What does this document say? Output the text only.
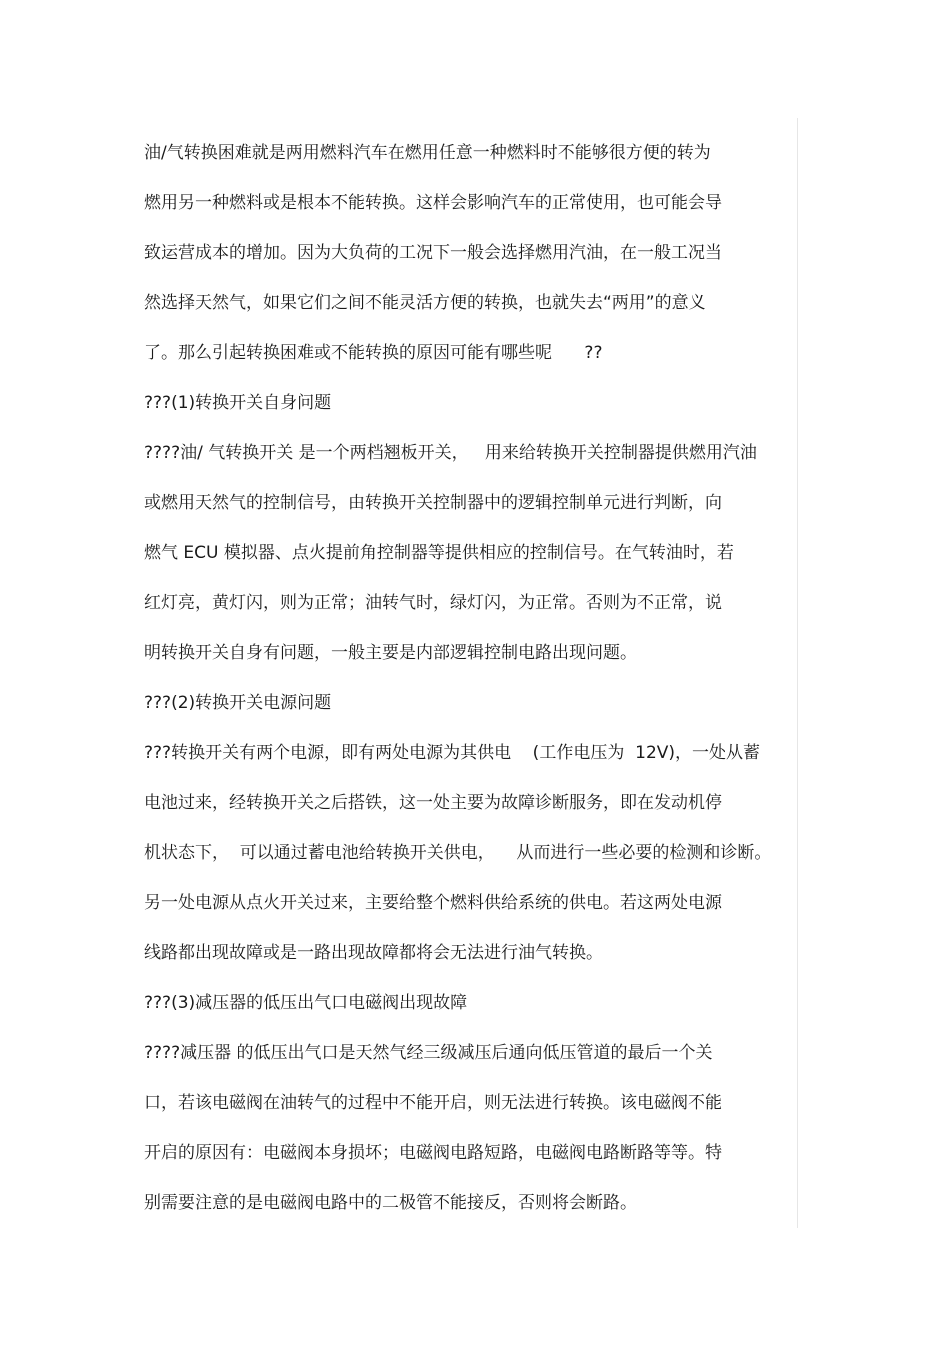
油/气转换困难就是两用燃料汽车在燃用任意一种燃料时不能够很方便的转为
燃用另一种燃料或是根本不能转换。这样会影响汽车的正常使用，也可能会导
致运营成本的增加。因为大负荷的工况下一般会选择燃用汽油，在一般工况当
然选择天然气，如果它们之间不能灵活方便的转换，也就失去“两用”的意义
了。那么引起转换困难或不能转换的原因可能有哪些呢      ??
???(1)转换开关自身问题
????油/ 气转换开关 是一个两档翘板开关，   用来给转换开关控制器提供燃用汽油
或燃用天然气的控制信号，由转换开关控制器中的逻辑控制单元进行判断，向
燃气 ECU 模拟器、点火提前角控制器等提供相应的控制信号。在气转油时，若
红灯亮，黄灯闪，则为正常；油转气时，绿灯闪，为正常。否则为不正常，说
明转换开关自身有问题，一般主要是内部逻辑控制电路出现问题。
???(2)转换开关电源问题
???转换开关有两个电源，即有两处电源为其供电    (工作电压为  12V)，一处从蓄
电池过来，经转换开关之后搭铁，这一处主要为故障诊断服务，即在发动机停
机状态下，  可以通过蓄电池给转换开关供电，    从而进行一些必要的检测和诊断。
另一处电源从点火开关过来，主要给整个燃料供给系统的供电。若这两处电源
线路都出现故障或是一路出现故障都将会无法进行油气转换。
???(3)减压器的低压出气口电磁阀出现故障
????减压器 的低压出气口是天然气经三级减压后通向低压管道的最后一个关
口，若该电磁阀在油转气的过程中不能开启，则无法进行转换。该电磁阀不能
开启的原因有：电磁阀本身损坏；电磁阀电路短路，电磁阀电路断路等等。特
别需要注意的是电磁阀电路中的二极管不能接反，否则将会断路。
